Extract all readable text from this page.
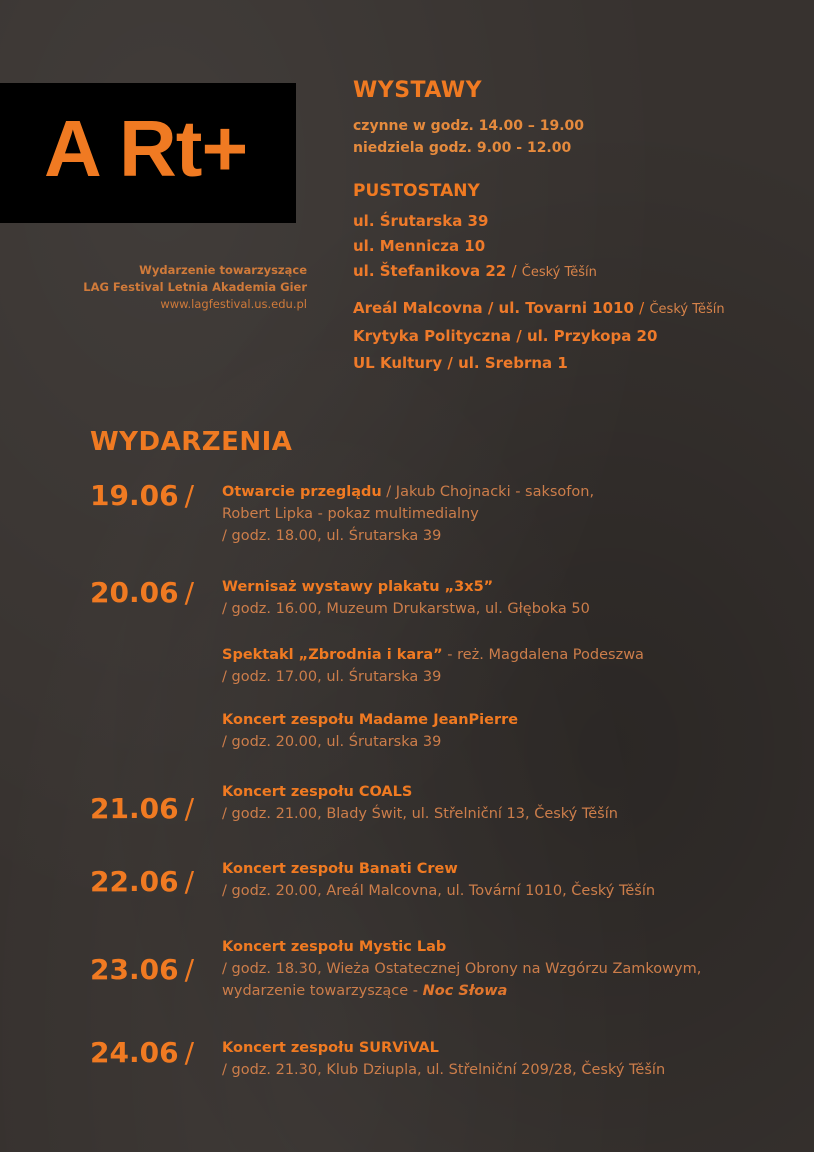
A Rt+
Wydarzenie towarzyszące
LAG Festival Letnia Akademia Gier
www.lagfestival.us.edu.pl
WYSTAWY
czynne w godz. 14.00 – 19.00
niedziela godz. 9.00 - 12.00
PUSTOSTANY
ul. Śrutarska 39
ul. Mennicza 10
ul. Štefanikova 22 / Český Těšín
Areál Malcovna / ul. Tovarni 1010 / Český Těšín
Krytyka Polityczna / ul. Przykopa 20
UL Kultury / ul. Srebrna 1
WYDARZENIA
19.06 / Otwarcie przeglądu / Jakub Chojnacki - saksofon,
Robert Lipka - pokaz multimedialny
/ godz. 18.00, ul. Śrutarska 39
20.06 / Wernisaż wystawy plakatu „3x5”
/ godz. 16.00, Muzeum Drukarstwa, ul. Głęboka 50
Spektakl „Zbrodnia i kara” - reż. Magdalena Podeszwa
/ godz. 17.00, ul. Śrutarska 39
Koncert zespołu Madame JeanPierre
/ godz. 20.00, ul. Śrutarska 39
21.06 / Koncert zespołu COALS
/ godz. 21.00, Blady Świt, ul. Střelniční 13, Český Těšín
22.06 / Koncert zespołu Banati Crew
/ godz. 20.00, Areál Malcovna, ul. Tovární 1010, Český Těšín
23.06 /
Koncert zespołu Mystic Lab
/ godz. 18.30, Wieża Ostatecznej Obrony na Wzgórzu Zamkowym,
wydarzenie towarzyszące - Noc Słowa
24.06 / Koncert zespołu SURViVAL
/ godz. 21.30, Klub Dziupla, ul. Střelniční 209/28, Český Těšín
